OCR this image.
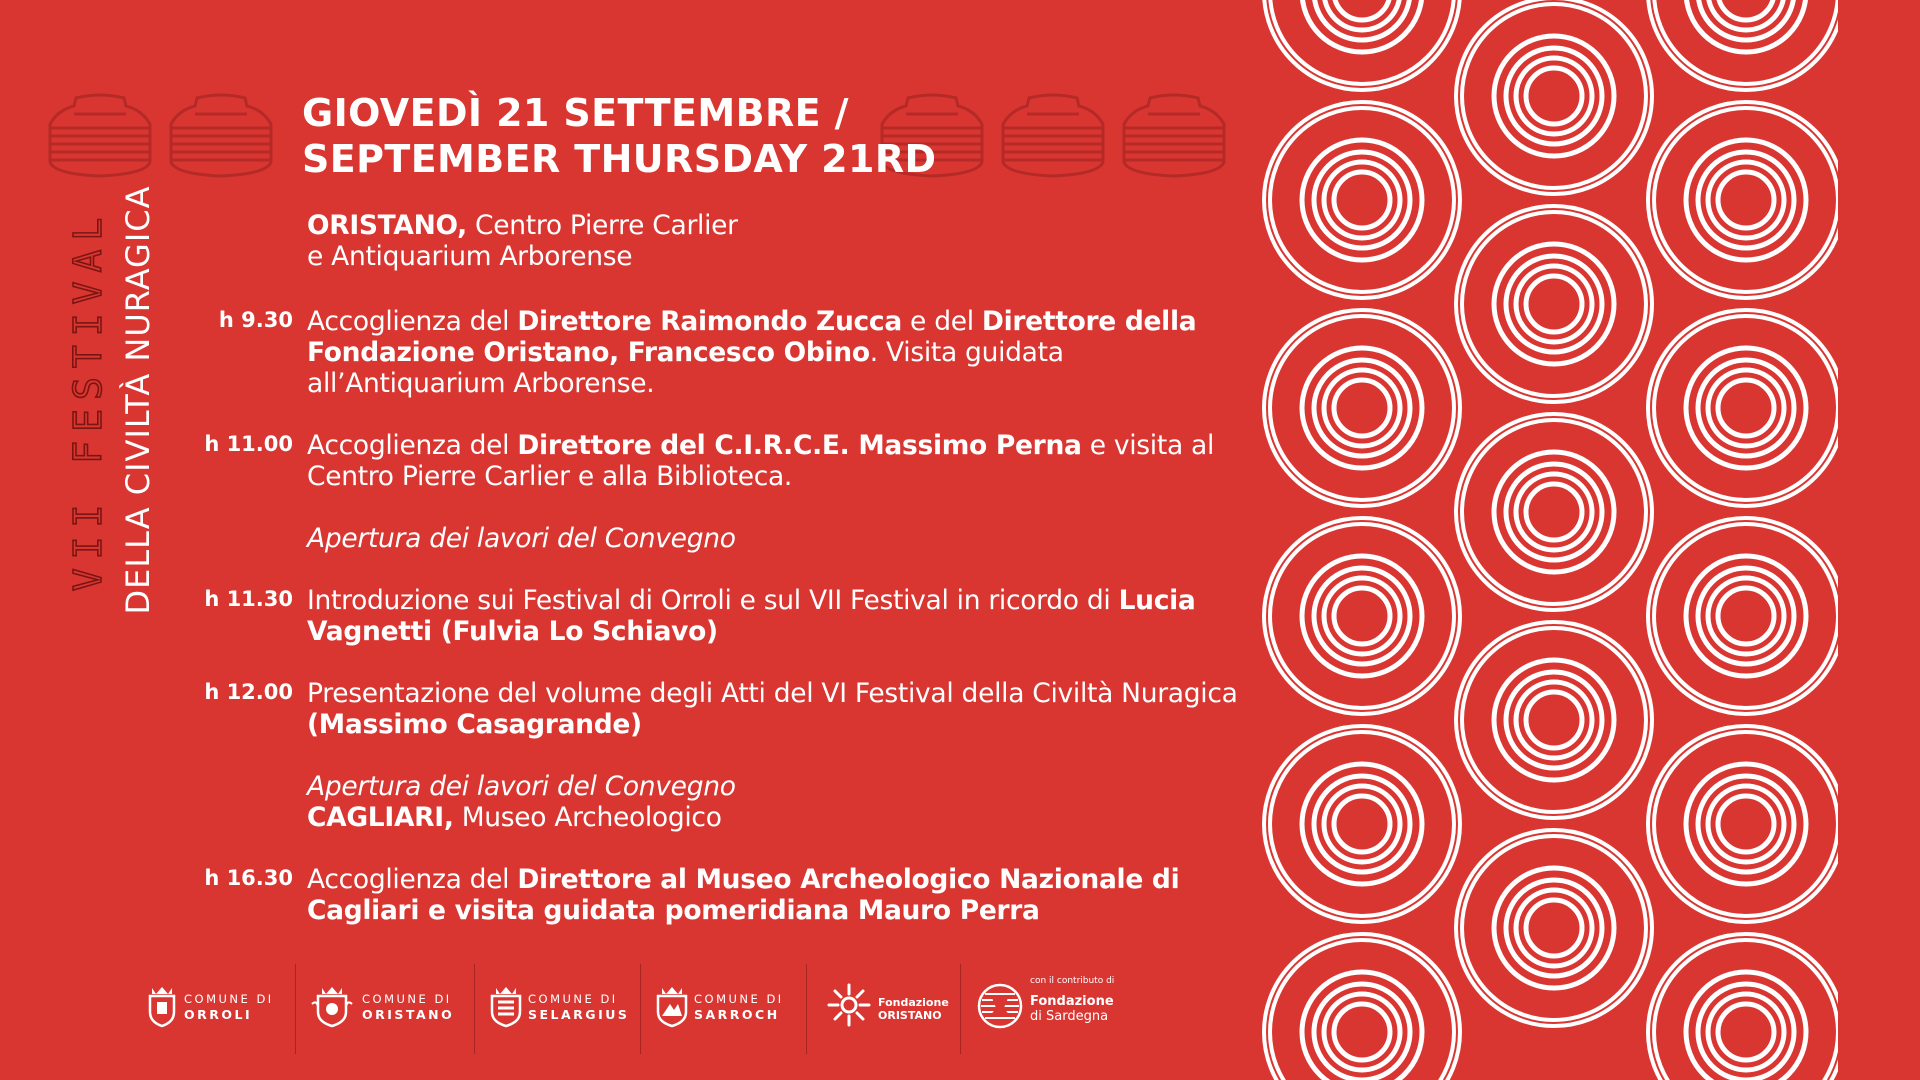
VII FESTIVAL DELLA CIVILTÀ NURAGICA

GIOVEDÌ 21 SETTEMBRE /
SEPTEMBER THURSDAY 21RD
ORISTANO, Centro Pierre Carlier
e Antiquarium Arborense
h 9.30 Accoglienza del Direttore Raimondo Zucca e del Direttore della Fondazione Oristano, Francesco Obino. Visita guidata all’Antiquarium Arborense.
h 11.00 Accoglienza del Direttore del C.I.R.C.E. Massimo Perna e visita al Centro Pierre Carlier e alla Biblioteca.
Apertura dei lavori del Convegno
h 11.30 Introduzione sui Festival di Orroli e sul VII Festival in ricordo di Lucia Vagnetti (Fulvia Lo Schiavo)
h 12.00 Presentazione del volume degli Atti del VI Festival della Civiltà Nuragica (Massimo Casagrande)
Apertura dei lavori del Convegno
CAGLIARI, Museo Archeologico
h 16.30 Accoglienza del Direttore al Museo Archeologico Nazionale di Cagliari e visita guidata pomeridiana Mauro Perra
COMUNE DI
ORROLI
COMUNE DI
ORISTANO
COMUNE DI
SELARGIUS
COMUNE DI
SARROCH
Fondazione
ORISTANO
con il contributo di
Fondazione
di Sardegna
